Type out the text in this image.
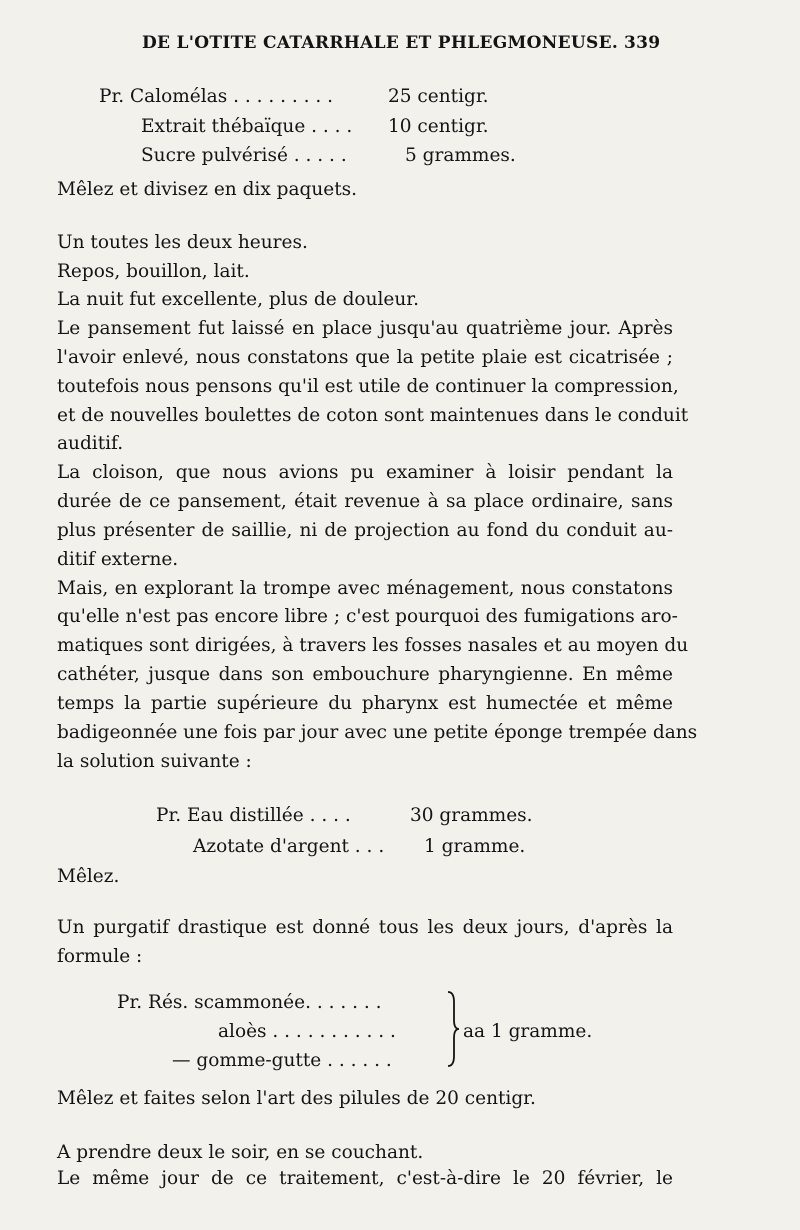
DE L'OTITE CATARRHALE ET PHLEGMONEUSE. 339
Pr. Calomélas . . . . . . . . .	25 centigr.
Extrait thébaïque . . . . 10 centigr.
Sucre pulvérisé . . . . .	5 grammes.
Mêlez et divisez en dix paquets.
Un toutes les deux heures.
Repos, bouillon, lait.
La nuit fut excellente, plus de douleur.
Le pansement fut laissé en place jusqu'au quatrième jour. Après
l'avoir enlevé, nous constatons que la petite plaie est cicatrisée ;
toutefois nous pensons qu'il est utile de continuer la compression,
et de nouvelles boulettes de coton sont maintenues dans le conduit
auditif.
La cloison, que nous avions pu examiner à loisir pendant la
durée de ce pansement, était revenue à sa place ordinaire, sans
plus présenter de saillie, ni de projection au fond du conduit au-
ditif externe.
Mais, en explorant la trompe avec ménagement, nous constatons
qu'elle n'est pas encore libre ; c'est pourquoi des fumigations aro-
matiques sont dirigées, à travers les fosses nasales et au moyen du
cathéter, jusque dans son embouchure pharyngienne. En même
temps la partie supérieure du pharynx est humectée et même
badigeonnée une fois par jour avec une petite éponge trempée dans
la solution suivante :
Pr. Eau distillée . . . .	30 grammes.
Azotate d'argent . . . 1 gramme.
Mêlez.
Un purgatif drastique est donné tous les deux jours, d'après la
formule :
Pr. Rés. scammonée. . . . . . .
aloès . . . . . . . . . . .
— gommе-gutte . . . . . .
aa 1 gramme.
Mêlez et faites selon l'art des pilules de 20 centigr.
A prendre deux le soir, en se couchant.
Le même jour de ce traitement, c'est-à-dire le 20 février, le
